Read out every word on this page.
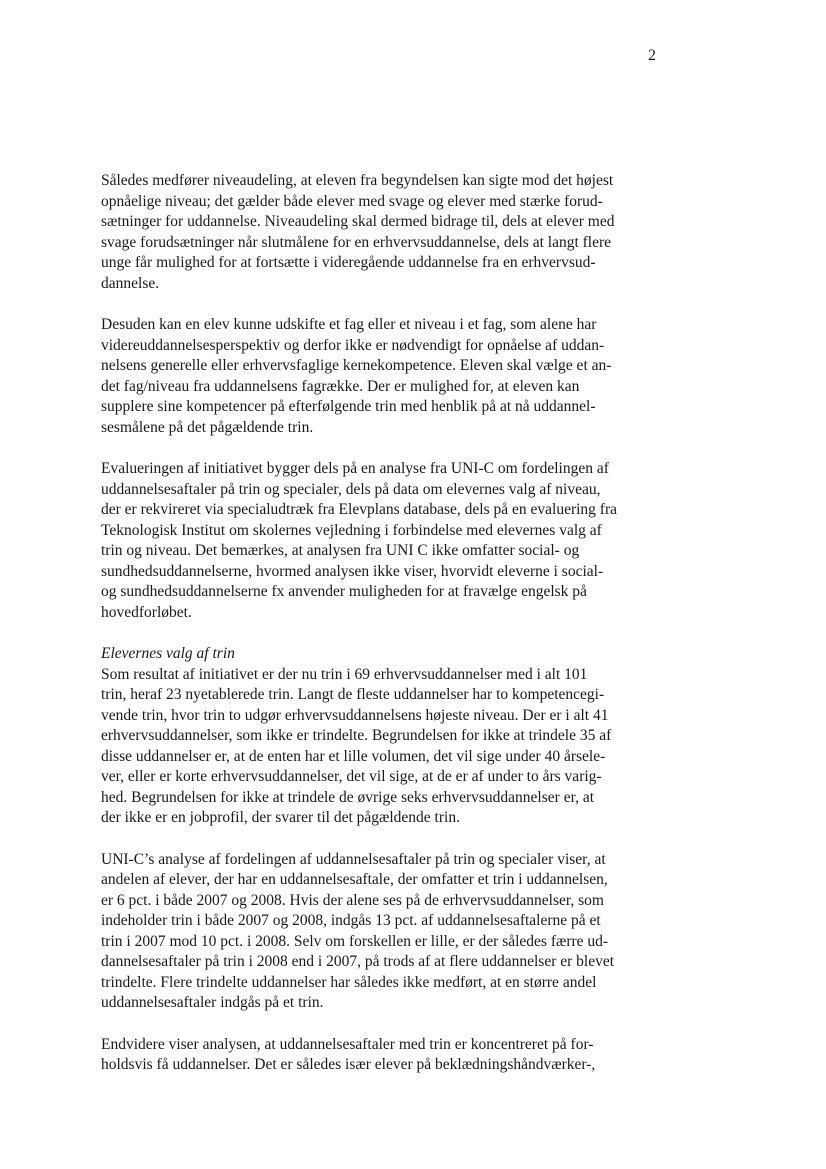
2
Således medfører niveaudeling, at eleven fra begyndelsen kan sigte mod det højest
opnåelige niveau; det gælder både elever med svage og elever med stærke forud-
sætninger for uddannelse. Niveaudeling skal dermed bidrage til, dels at elever med
svage forudsætninger når slutmålene for en erhvervsuddannelse, dels at langt flere
unge får mulighed for at fortsætte i videregående uddannelse fra en erhvervsud-
dannelse.
Desuden kan en elev kunne udskifte et fag eller et niveau i et fag, som alene har
videreuddannelsesperspektiv og derfor ikke er nødvendigt for opnåelse af uddan-
nelsens generelle eller erhvervsfaglige kernekompetence. Eleven skal vælge et an-
det fag/niveau fra uddannelsens fagrække. Der er mulighed for, at eleven kan
supplere sine kompetencer på efterfølgende trin med henblik på at nå uddannel-
sesmålene på det pågældende trin.
Evalueringen af initiativet bygger dels på en analyse fra UNI-C om fordelingen af
uddannelsesaftaler på trin og specialer, dels på data om elevernes valg af niveau,
der er rekvireret via specialudtræk fra Elevplans database, dels på en evaluering fra
Teknologisk Institut om skolernes vejledning i forbindelse med elevernes valg af
trin og niveau. Det bemærkes, at analysen fra UNI C ikke omfatter social- og
sundhedsuddannelserne, hvormed analysen ikke viser, hvorvidt eleverne i social-
og sundhedsuddannelserne fx anvender muligheden for at fravælge engelsk på
hovedforløbet.
Elevernes valg af trin
Som resultat af initiativet er der nu trin i 69 erhvervsuddannelser med i alt 101
trin, heraf 23 nyetablerede trin. Langt de fleste uddannelser har to kompetencegi-
vende trin, hvor trin to udgør erhvervsuddannelsens højeste niveau. Der er i alt 41
erhvervsuddannelser, som ikke er trindelte. Begrundelsen for ikke at trindele 35 af
disse uddannelser er, at de enten har et lille volumen, det vil sige under 40 årsele-
ver, eller er korte erhvervsuddannelser, det vil sige, at de er af under to års varig-
hed. Begrundelsen for ikke at trindele de øvrige seks erhvervsuddannelser er, at
der ikke er en jobprofil, der svarer til det pågældende trin.
UNI-C’s analyse af fordelingen af uddannelsesaftaler på trin og specialer viser, at
andelen af elever, der har en uddannelsesaftale, der omfatter et trin i uddannelsen,
er 6 pct. i både 2007 og 2008. Hvis der alene ses på de erhvervsuddannelser, som
indeholder trin i både 2007 og 2008, indgås 13 pct. af uddannelsesaftalerne på et
trin i 2007 mod 10 pct. i 2008. Selv om forskellen er lille, er der således færre ud-
dannelsesaftaler på trin i 2008 end i 2007, på trods af at flere uddannelser er blevet
trindelte. Flere trindelte uddannelser har således ikke medført, at en større andel
uddannelsesaftaler indgås på et trin.
Endvidere viser analysen, at uddannelsesaftaler med trin er koncentreret på for-
holdsvis få uddannelser. Det er således især elever på beklædningshåndværker-,
